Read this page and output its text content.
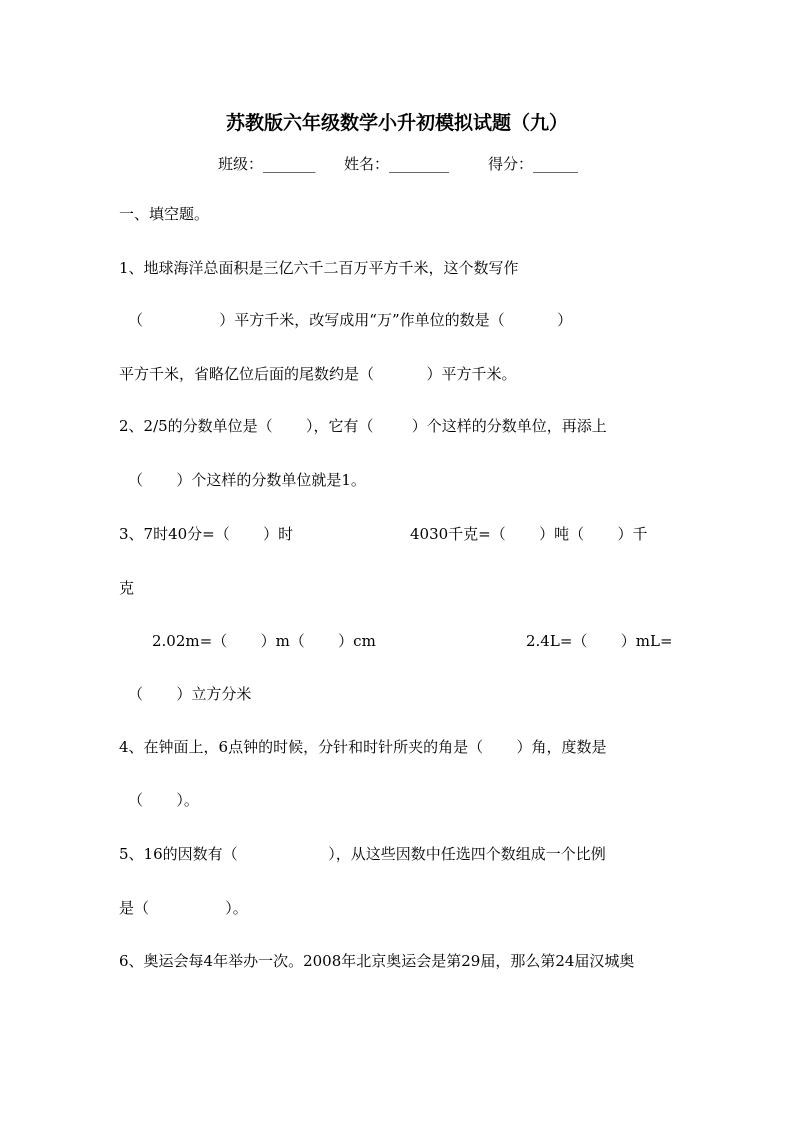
苏教版六年级数学小升初模拟试题（九）
班级：_______ 姓名：________	得分：______
一、填空题。
1、地球海洋总面积是三亿六千二百万平方千米，这个数写作
（                ）平方千米，改写成用“万”作单位的数是（           ）
平方千米，省略亿位后面的尾数约是（           ）平方千米。
2、2/5的分数单位是（       ），它有（        ）个这样的分数单位，再添上
（       ）个这样的分数单位就是1。
3、7时40分=（       ）时	4030千克=（       ）吨（       ）千
克
2.02m=（       ）m（       ）cm	2.4L=（       ）mL=
（       ）立方分米
4、在钟面上，6点钟的时候，分针和时针所夹的角是（       ）角，度数是
（       ）。
5、16的因数有（                   ），从这些因数中任选四个数组成一个比例
是（                ）。
6、奥运会每4年举办一次。2008年北京奥运会是第29届，那么第24届汉城奥
